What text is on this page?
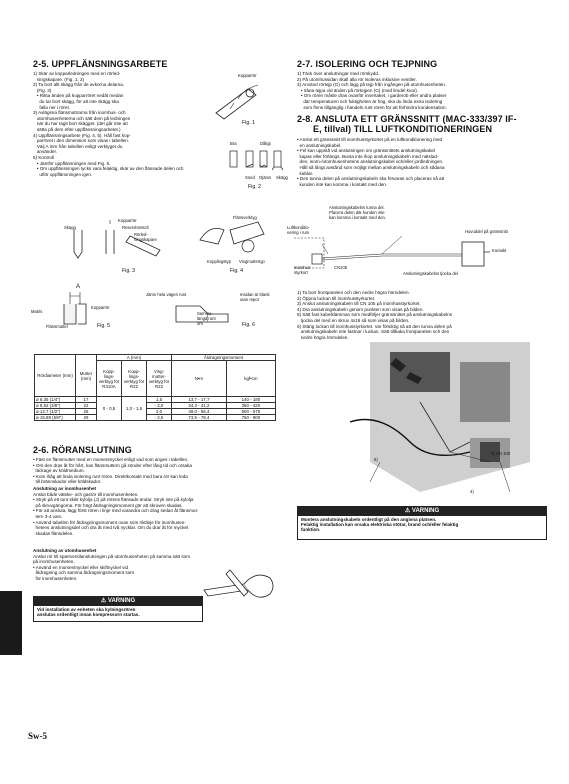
2-5. UPPFLÄNSNINGSARBETE

1) Skär av kopparledningen med en rörled-

ningskapare. (Fig. 1, 2)

2) Ta bort allt skägg från de avkorna delarna.

(Fig. 3)

• Rikta änden på kopparröret nedåt medan

du tar bort skägg, för att inte skägg ska

falla ner i röret.

3) Avlägsna flänsmuttrarna från inomhus- och

utomhusenheterna och sätt dem på ledningen

när du har tagit bort skägget. (det går inte att

sätta på dem efter uppflänsningsarbetet.)

4) Uppflänsningsarbete (Fig. 4, 5). Håll fast kop-

parröret i den dimension som visas i tabellen.

Välj A mm från tabellen enligt verktyget du

använder.

5) Kontroll

• Jämför uppflänsningen med Fig. 6.

• Om uppflänsningen tycks vara felaktig, skär av den flänsade delen och

utför uppflänsningen igen.

Kopparrör
Fig. 1
Bra	Dåligt
Sned Ojämn Skägg
Fig. 2
Skägg
Kopparrör
Reservbrotsch
Rörled-
ningskapare
Fig. 3
Flänsverktyg
Kopplingstyp Vingmuttertyp
Fig. 4
A
Matris
Kopparrör
Flänsmutter	Fig. 5
Jämn hela vägen runt	Insidan är blank
utan repor
Samma
längd runt
om	Fig. 6
Rördiameter (mm)	Mutter (mm)	A (mm)			Åtdragningsmoment	
		Kopp- lings- verktyg för R410A	Kopp- lings- verktyg för R22	Ving- mutter- verktyg för R22	N•m	kgf•cm
ø 6,35 (1/4")	17	0 - 0,5	1,0 - 1,5	1,5	13,7 - 17,7	140 - 180
ø 9,52 (3/8")	22			- 2,0	34,3 - 41,2	350 - 420
ø 12,7 (1/2")	26			2,0	49,0 - 56,4	500 - 575
ø 15,88 (5/8")	29			- 2,5	73,5 - 78,4	750 - 800
2-6. RÖRANSLUTNING

• Fäst en flänsmutter med en momentnyckel enligt vad som anges i tabellen.

• Om den dras åt för hårt, kan flänsmuttern gå sönder efter lång tid och orsaka

läckage av köldmedium.

• Kom ihåg att linda isolering runt rören. Direktkontakt med bara rör kan leda

till brännskador eller köldskador.

Anslutning av inomhusenhet
Anslut både vätske- och gasrör till inomhusenheten.

• Stryk på ett tunt skikt kylolja (J) på rörens flänsade ändar. Stryk inte på kylolja

på skruvgängorna. För högt åtdragningsmoment gör att skruven skadas.

• För att ansluta, lägg först rören i linje med varandra och drag sedan åt flänsmut-

tern 3-4 varv.

• Använd tabellen för åtdragningsmoment ovan som riktlinje för inomhusen-

hetens anslutningsdel och dra åt med två nycklar. Om du drar åt för mycket

skadas flänsdelen.

Anslutning av utomhusenhet

Anslut rör till spärrventilanslutningen på utomhusenheten på samma sätt som

på inomhusenheten.

• Använd en momentnyckel eller skiftnyckel vid

åtdragning och samma åtdragningsmoment som

för inomhusenheten.

⚠ VARNING
Vid installation av enheten ska kylningsrören
anslutas ordentligt innan kompressorn startas.
2-7. ISOLERING OCH TEJPNING

1) Täck över anslutningar med rörskydd.

2) På utomhussidan skall alla rör isoleras inklusive ventiler.

3) Använd rörtejp (G) och lägg på tejp från ingången på utomhusenheten.

• Sluta tejpa vid änden på rörtejpen (G) (med limdel kvar).

• Om rören måste dras ovanför innertaket, i garderob eller andra platser

där temperaturen och fuktigheten är hög, ska du linda extra isolering

som finns tillgänglig i handeln runt rören för att förhindra kondensation.

2-8. ANSLUTA ETT GRÄNSSNITT (MAC-333/397 IF-
E, tillval) TILL LUFTKONDITIONERINGEN

• Anslut ett gränssnitt till inomhusstyrkortet på en luftkonditionering med

en anslutningskabel.

• Fel kan uppstå vid anslutningen om gränssnittets anslutningskabel

kapas eller förlängs. Bunta inte ihop anslutningskabeln med nätslad-

den, inom-/utomhusenhetens anslutningskabel och/eller jordledningen.

Håll så långt avstånd som möjligt mellan anslutningskabeln och sådana

kablar.

• Den tunna delen på anslutningskabeln ska förvaras och placeras så att

kunden inte kan komma i kontakt med den.

Anslutningskabelns tunna del.
Placera delen där kunden inte
kan komma i kontakt med den.
Luftkonditio-
nering i rum	Huvuddel på gränssnitt
Kontakt
Inomhus-
styrkort
CN105
Anslutningskabelns tjocka del

1) Ta bort frontpanelen och den nedre högra hörndelen.

2) Öppna luckan till inomhusstyrkortet.

3) Anslut anslutningskabeln till CN 105 på inomhusstyrkortet.

4) Dra anslutningskabeln genom punkten som visas på bilden.

5) Sätt fast kabelklämman som medföljer gränssnittet på anslutningskabelns

tjocka del med en skruv 4x16 så som visas på bilden.

6) Stäng luckan till inomhusstyrkortet. Var försiktig så att den tunna delen på

anslutningskabeln inte fastnar i luckan. Sätt tillbaka frontpanelen och den

nedre högra hörndelen.

3) CN 105
5)
4)
⚠ VARNING
Montera anslutningskabeln ordentligt på den angivna platsen.
Felaktig installation kan orsaka elektriska stötar, brand och/eller felaktig
funktion.
Sw-5
